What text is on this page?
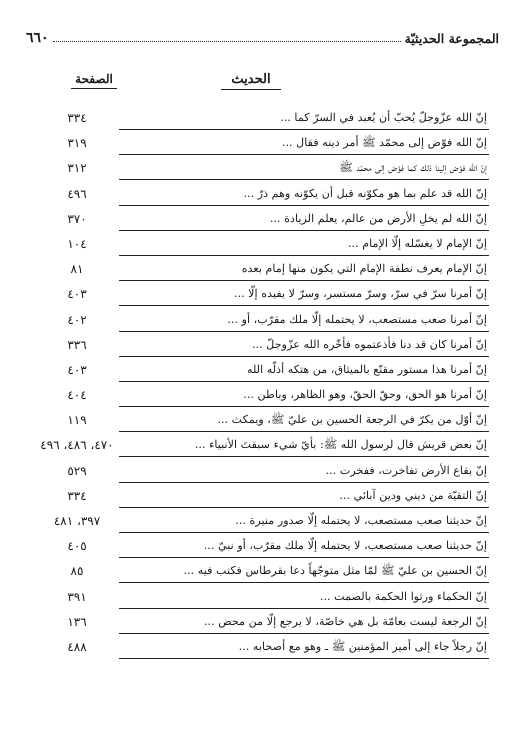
٦٦٠	المجموعة الحديثيّة
الحديث
الصفحة
إنّ الله عزّوجلّ يُحبّ أن يُعبد في السرّ كما ...
٣٣٤
إنّ الله فوّض إلى محمّد ﷺ أمر دينه فقال ...
٣١٩
إنّ الله فوّض إلينا ذلك كما فوّض إلى محمّد ﷺ
٣١٢
إنّ الله قد علم بما هو مكوّنه قبل أن يكوّنه وهم ذرّ ...
٤٩٦
إنّ الله لم يخلِ الأرض من عالم، يعلم الزيادة ...
٣٧٠
إنّ الإمام لا يغسّله إلّا الإمام ...
١٠٤
إنّ الإمام يعرف نطفة الإمام التي يكون منها إمام بعده
٨١
إنّ أمرنا سرّ في سرّ، وسرّ مستسر، وسرّ لا يفيده إلّا ...
٤٠٣
إنّ أمرنا صعب مستصعب، لا يحتمله إلّا ملك مقرّب، أو ...
٤٠٢
إنّ أمرنا كان قد دنا فأذعتموه فأخّره الله عزّوجلّ ...
٣٣٦
إنّ أمرنا هذا مستور مقنّع بالميثاق، من هتكه أذلّه الله
٤٠٣
إنّ أمرنا هو الحق، وحقّ الحقّ، وهو الظاهر، وباطن ...
٤٠٤
إنّ أوّل من يكرّ في الرجعة الحسين بن عليّ ﷺ، ويمكث ...
١١٩
إنّ بعض قريش قال لرسول الله ﷺ: بأيّ شيء سبقتَ الأنبياء ...
٤٧٠، ٤٨٦، ٤٩٦
إنّ بقاع الأرض تفاخرت، ففخرت ...
٥٢٩
إنّ التقيّة من ديني ودين آبائي ...
٣٣٤
إنّ حديثنا صعب مستصعب، لا يحتمله إلّا صدور منيرة ...
٣٩٧، ٤٨١
إنّ حديثنا صعب مستصعب، لا يحتمله إلّا ملك مقرّب، أو نبيّ ...
٤٠٥
إنّ الحسين بن عليّ ﷺ لمّا مثل متوجّهاً دعا بقرطاس فكتب فيه ...
٨٥
إنّ الحكماء ورثوا الحكمة بالصمت ...
٣٩١
إنّ الرجعة ليست بعامّة بل هي خاصّة، لا يرجع إلّا من محض ...
١٣٦
إنّ رجلاً جاء إلى أمير المؤمنين ﷺ ـ وهو مع أصحابه ...
٤٨٨
